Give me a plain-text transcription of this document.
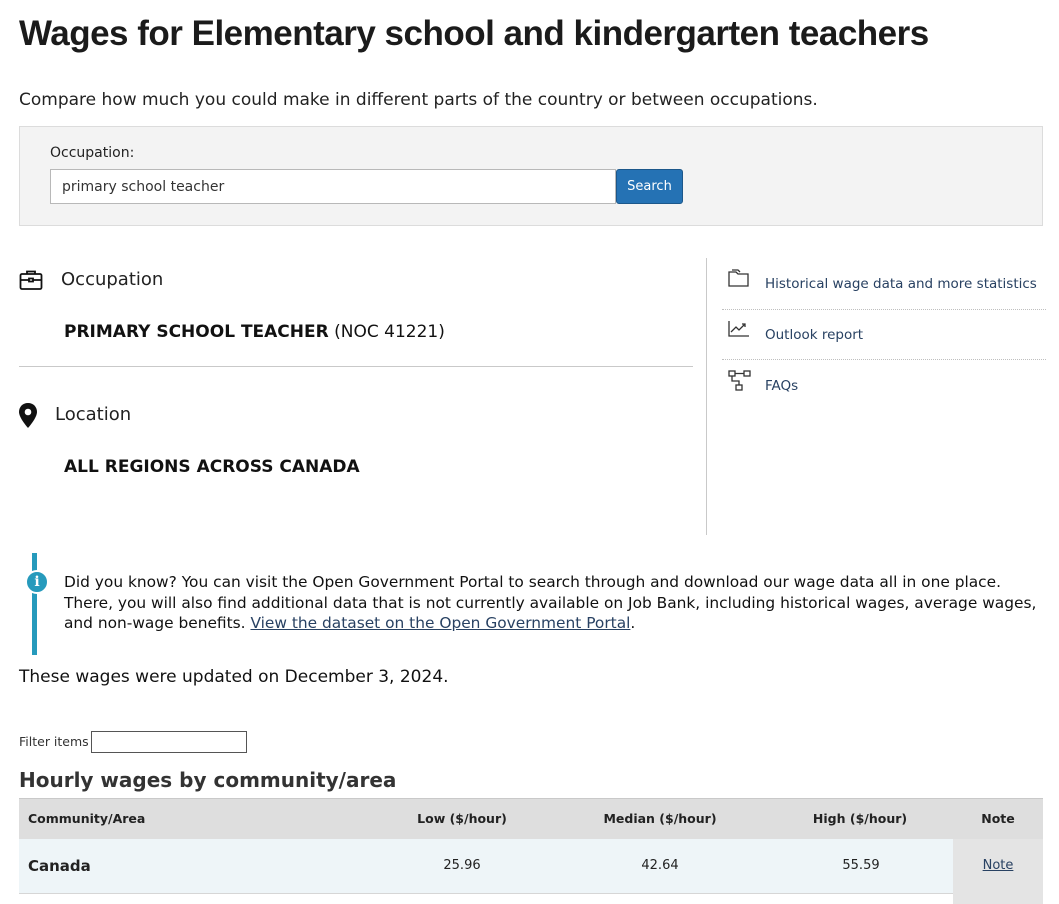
Wages for Elementary school and kindergarten teachers
Compare how much you could make in different parts of the country or between occupations.
Occupation:
primary school teacher
Search
Occupation
PRIMARY SCHOOL TEACHER (NOC 41221)
Location
ALL REGIONS ACROSS CANADA
Historical wage data and more statistics
Outlook report
FAQs
i	Did you know? You can visit the Open Government Portal to search through and download our wage data all in one place. There, you will also find additional data that is not currently available on Job Bank, including historical wages, average wages, and non-wage benefits. View the dataset on the Open Government Portal.
These wages were updated on December 3, 2024.
Filter items
Hourly wages by community/area
Community/Area	Low ($/hour)	Median ($/hour)	High ($/hour)	Note
Canada	25.96	42.64	55.59	Note
